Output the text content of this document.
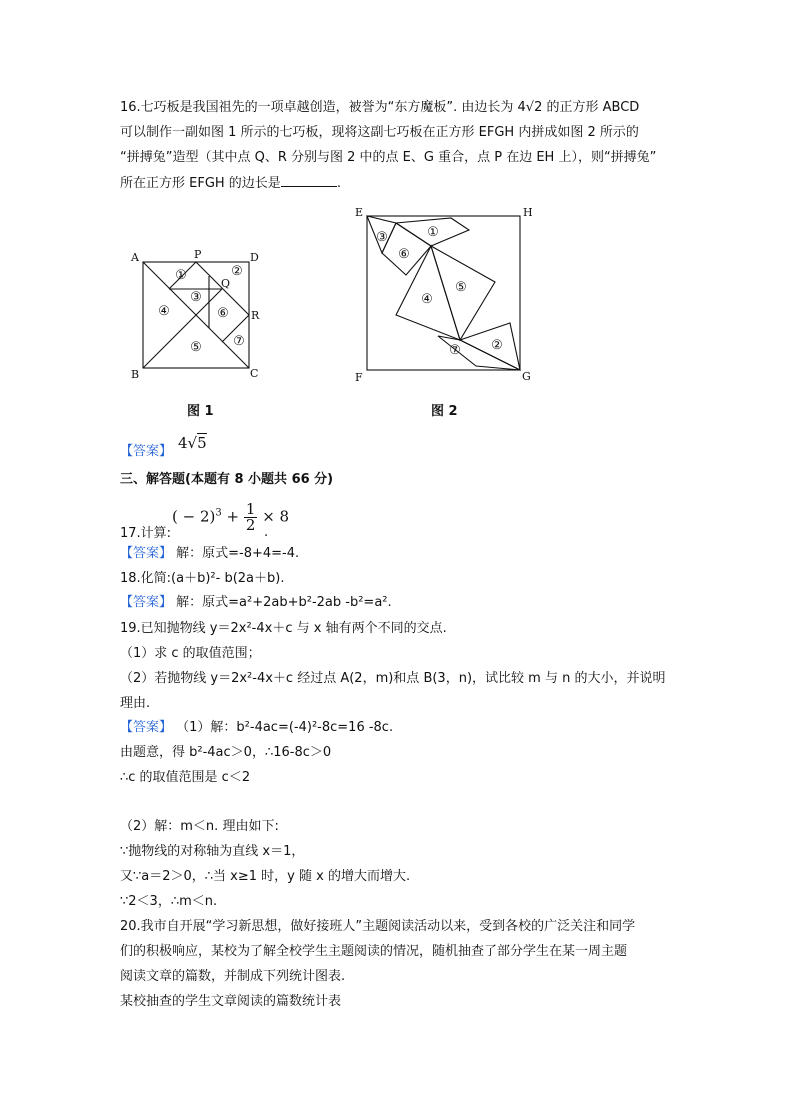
16.七巧板是我国祖先的一项卓越创造，被誉为“东方魔板”. 由边长为 4√2 的正方形 ABCD
可以制作一副如图 1 所示的七巧板，现将这副七巧板在正方形 EFGH 内拼成如图 2 所示的
“拼搏兔”造型（其中点 Q、R 分别与图 2 中的点 E、G 重合，点 P 在边 EH 上），则“拼搏兔”
所在正方形 EFGH 的边长是	.
A	P	D
Q
R
B	C
①	②
③
④
⑤
⑥
⑦
图 1
E	H
F	G
①
②
③
④
⑤
⑥
⑦
图 2
【答案】 4√5
三、解答题(本题有 8 小题共 66 分)
( − $2)^3 + \frac{1}{2} \times 8$
17.计算:	.
【答案】 解：原式=-8+4=-4.
18.化简:(a＋b)²- b(2a＋b).
【答案】 解：原式=a²+2ab+b²-2ab -b²=a².
19.已知抛物线 y＝2x²-4x＋c 与 x 轴有两个不同的交点.
（1）求 c 的取值范围；
（2）若抛物线 y＝2x²-4x＋c 经过点 A(2，m)和点 B(3，n)，试比较 m 与 n 的大小，并说明
理由.
【答案】 （1）解：b²-4ac=(-4)²-8c=16 -8c.
由题意，得 b²-4ac＞0，∴16-8c＞0
∴c 的取值范围是 c＜2
（2）解：m＜n. 理由如下:
∵抛物线的对称轴为直线 x＝1，
又∵a＝2＞0，∴当 x≥1 时，y 随 x 的增大而增大.
∵2＜3，∴m＜n.
20.我市自开展“学习新思想，做好接班人”主题阅读活动以来，受到各校的广泛关注和同学
们的积极响应，某校为了解全校学生主题阅读的情况，随机抽查了部分学生在某一周主题
阅读文章的篇数，并制成下列统计图表.
某校抽查的学生文章阅读的篇数统计表
